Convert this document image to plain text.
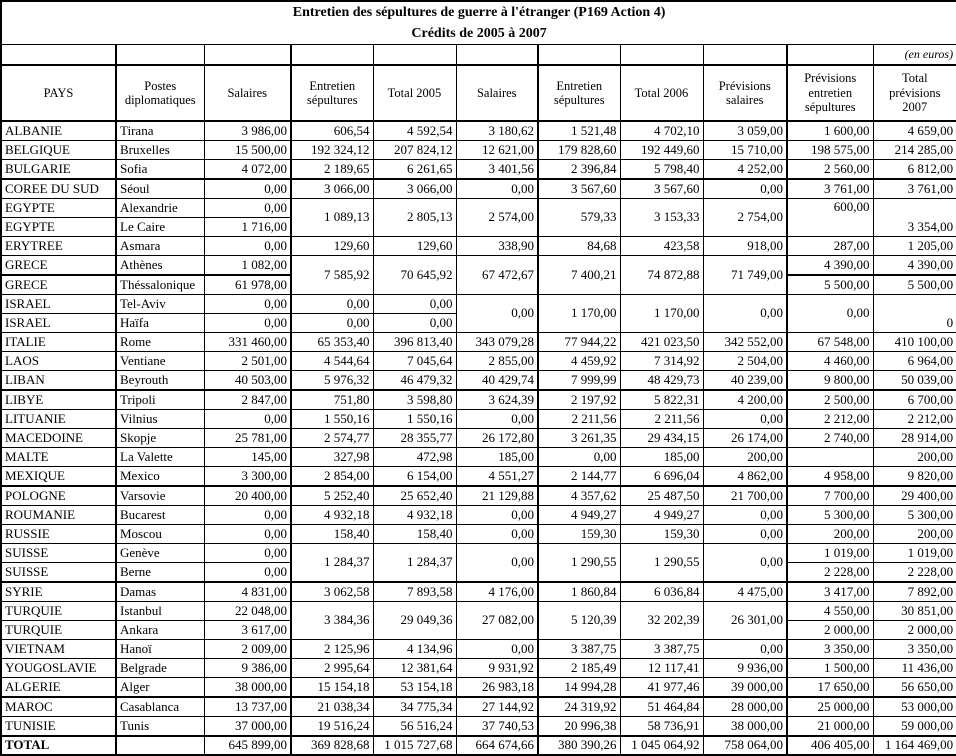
Entretien des sépultures de guerre à l'étranger (P169 Action 4)
Crédits de 2005 à 2007										

										(en euros)
PAYS	Postes diplomatiques	Salaires	Entretien sépultures	Total 2005	Salaires	Entretien sépultures	Total 2006	Prévisions salaires	Prévisions entretien sépultures	Total prévisions 2007
ALBANIE	Tirana	3 986,00	606,54	4 592,54	3 180,62	1 521,48	4 702,10	3 059,00	1 600,00	4 659,00
BELGIQUE	Bruxelles	15 500,00	192 324,12	207 824,12	12 621,00	179 828,60	192 449,60	15 710,00	198 575,00	214 285,00
BULGARIE	Sofia	4 072,00	2 189,65	6 261,65	3 401,56	2 396,84	5 798,40	4 252,00	2 560,00	6 812,00
COREE DU SUD	Séoul	0,00	3 066,00	3 066,00	0,00	3 567,60	3 567,60	0,00	3 761,00	3 761,00
EGYPTE	Alexandrie	0,00	1 089,13	2 805,13	2 574,00	579,33	3 153,33	2 754,00	600,00	3 354,00
EGYPTE	Le Caire	1 716,00								
ERYTREE	Asmara	0,00	129,60	129,60	338,90	84,68	423,58	918,00	287,00	1 205,00
GRECE	Athènes	1 082,00	7 585,92	70 645,92	67 472,67	7 400,21	74 872,88	71 749,00	4 390,00	4 390,00
GRECE	Théssalonique	61 978,00							5 500,00	5 500,00
ISRAEL	Tel-Aviv	0,00	0,00	0,00	0,00	1 170,00	1 170,00	0,00	0,00	0
ISRAEL	Haïfa	0,00	0,00	0,00						
ITALIE	Rome	331 460,00	65 353,40	396 813,40	343 079,28	77 944,22	421 023,50	342 552,00	67 548,00	410 100,00
LAOS	Ventiane	2 501,00	4 544,64	7 045,64	2 855,00	4 459,92	7 314,92	2 504,00	4 460,00	6 964,00
LIBAN	Beyrouth	40 503,00	5 976,32	46 479,32	40 429,74	7 999,99	48 429,73	40 239,00	9 800,00	50 039,00
LIBYE	Tripoli	2 847,00	751,80	3 598,80	3 624,39	2 197,92	5 822,31	4 200,00	2 500,00	6 700,00
LITUANIE	Vilnius	0,00	1 550,16	1 550,16	0,00	2 211,56	2 211,56	0,00	2 212,00	2 212,00
MACEDOINE	Skopje	25 781,00	2 574,77	28 355,77	26 172,80	3 261,35	29 434,15	26 174,00	2 740,00	28 914,00
MALTE	La Valette	145,00	327,98	472,98	185,00	0,00	185,00	200,00		200,00
MEXIQUE	Mexico	3 300,00	2 854,00	6 154,00	4 551,27	2 144,77	6 696,04	4 862,00	4 958,00	9 820,00
POLOGNE	Varsovie	20 400,00	5 252,40	25 652,40	21 129,88	4 357,62	25 487,50	21 700,00	7 700,00	29 400,00
ROUMANIE	Bucarest	0,00	4 932,18	4 932,18	0,00	4 949,27	4 949,27	0,00	5 300,00	5 300,00
RUSSIE	Moscou	0,00	158,40	158,40	0,00	159,30	159,30	0,00	200,00	200,00
SUISSE	Genève	0,00	1 284,37	1 284,37	0,00	1 290,55	1 290,55	0,00	1 019,00	1 019,00
SUISSE	Berne	0,00							2 228,00	2 228,00
SYRIE	Damas	4 831,00	3 062,58	7 893,58	4 176,00	1 860,84	6 036,84	4 475,00	3 417,00	7 892,00
TURQUIE	Istanbul	22 048,00	3 384,36	29 049,36	27 082,00	5 120,39	32 202,39	26 301,00	4 550,00	30 851,00
TURQUIE	Ankara	3 617,00							2 000,00	2 000,00
VIETNAM	Hanoï	2 009,00	2 125,96	4 134,96	0,00	3 387,75	3 387,75	0,00	3 350,00	3 350,00
YOUGOSLAVIE	Belgrade	9 386,00	2 995,64	12 381,64	9 931,92	2 185,49	12 117,41	9 936,00	1 500,00	11 436,00
ALGERIE	Alger	38 000,00	15 154,18	53 154,18	26 983,18	14 994,28	41 977,46	39 000,00	17 650,00	56 650,00
MAROC	Casablanca	13 737,00	21 038,34	34 775,34	27 144,92	24 319,92	51 464,84	28 000,00	25 000,00	53 000,00
TUNISIE	Tunis	37 000,00	19 516,24	56 516,24	37 740,53	20 996,38	58 736,91	38 000,00	21 000,00	59 000,00
TOTAL		645 899,00	369 828,68	1 015 727,68	664 674,66	380 390,26	1 045 064,92	758 064,00	406 405,00	1 164 469,00
